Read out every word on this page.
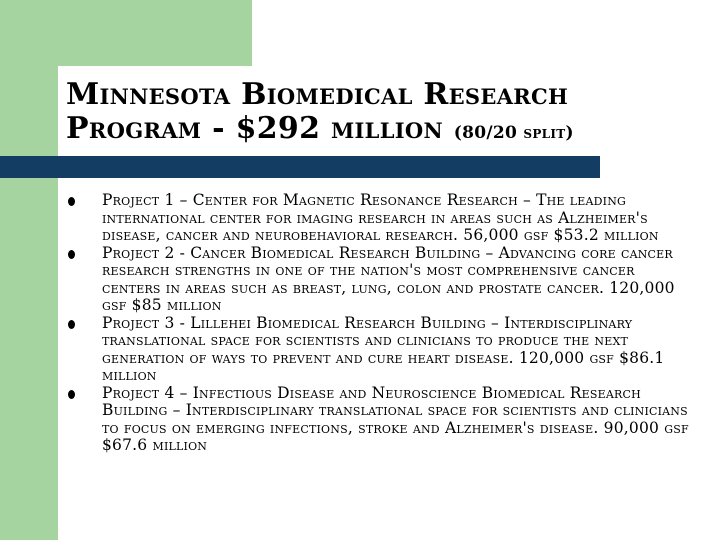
Minnesota Biomedical Research
Program - $292 million (80/20 split)
Project 1 – Center for Magnetic Resonance Research – The leading international center for imaging research in areas such as Alzheimer's disease, cancer and neurobehavioral research. 56,000 gsf $53.2 million
Project 2 - Cancer Biomedical Research Building – Advancing core cancer research strengths in one of the nation's most comprehensive cancer centers in areas such as breast, lung, colon and prostate cancer. 120,000 gsf $85 million
Project 3 - Lillehei Biomedical Research Building – Interdisciplinary translational space for scientists and clinicians to produce the next generation of ways to prevent and cure heart disease. 120,000 gsf $86.1 million
Project 4 – Infectious Disease and Neuroscience Biomedical Research Building – Interdisciplinary translational space for scientists and clinicians to focus on emerging infections, stroke and Alzheimer's disease. 90,000 gsf $67.6 million
